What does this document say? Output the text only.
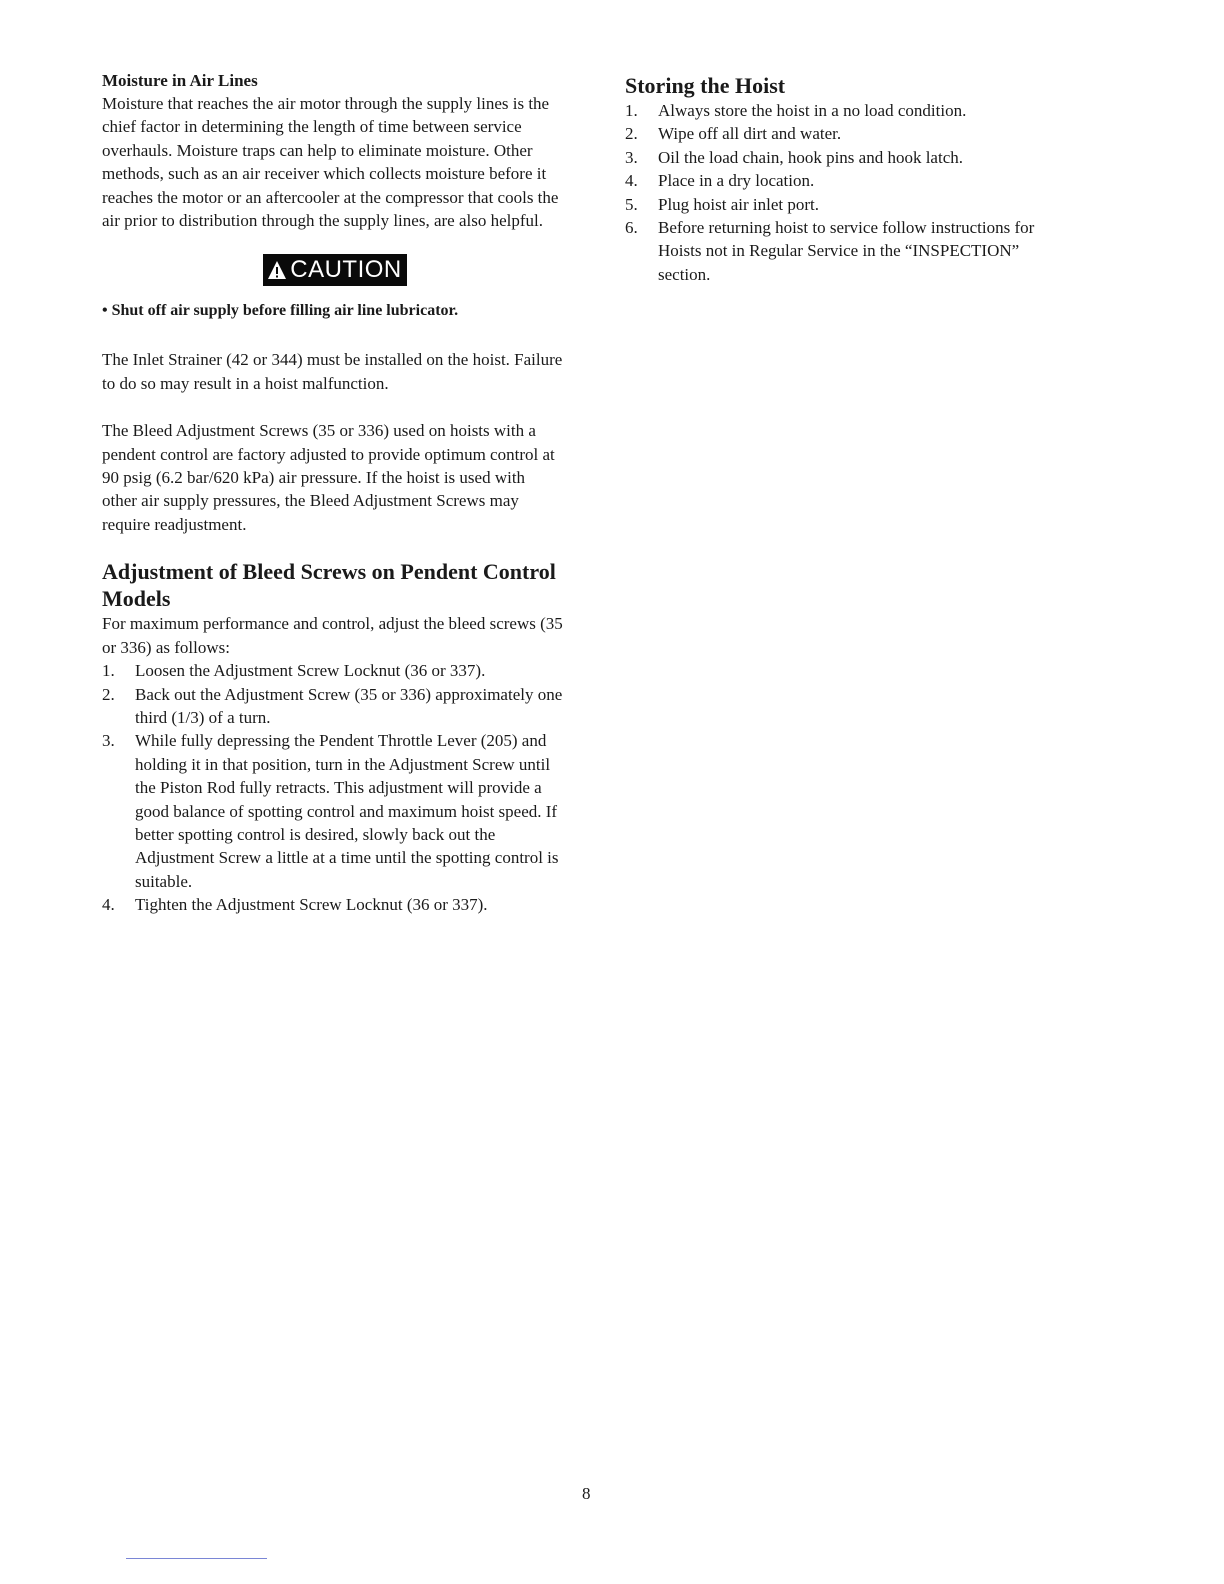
Moisture in Air Lines

Moisture that reaches the air motor through the supply lines is the chief factor in determining the length of time between service overhauls. Moisture traps can help to eliminate moisture. Other methods, such as an air receiver which collects moisture before it reaches the motor or an aftercooler at the compressor that cools the air prior to distribution through the supply lines, are also helpful.

CAUTION

• Shut off air supply before filling air line lubricator.

The Inlet Strainer (42 or 344) must be installed on the hoist. Failure to do so may result in a hoist malfunction.

The Bleed Adjustment Screws (35 or 336) used on hoists with a pendent control are factory adjusted to provide optimum control at 90 psig (6.2 bar/620 kPa) air pressure. If the hoist is used with other air supply pressures, the Bleed Adjustment Screws may require readjustment.

Adjustment of Bleed Screws on Pendent Control Models

For maximum performance and control, adjust the bleed screws (35 or 336) as follows:

1. Loosen the Adjustment Screw Locknut (36 or 337).
2. Back out the Adjustment Screw (35 or 336) approximately one third (1/3) of a turn.
3. While fully depressing the Pendent Throttle Lever (205) and holding it in that position, turn in the Adjustment Screw until the Piston Rod fully retracts. This adjustment will provide a good balance of spotting control and maximum hoist speed. If better spotting control is desired, slowly back out the Adjustment Screw a little at a time until the spotting control is suitable.
4. Tighten the Adjustment Screw Locknut (36 or 337).
Storing the Hoist
1. Always store the hoist in a no load condition.
2. Wipe off all dirt and water.
3. Oil the load chain, hook pins and hook latch.
4. Place in a dry location.
5. Plug hoist air inlet port.
6. Before returning hoist to service follow instructions for Hoists not in Regular Service in the “INSPECTION” section.
8
